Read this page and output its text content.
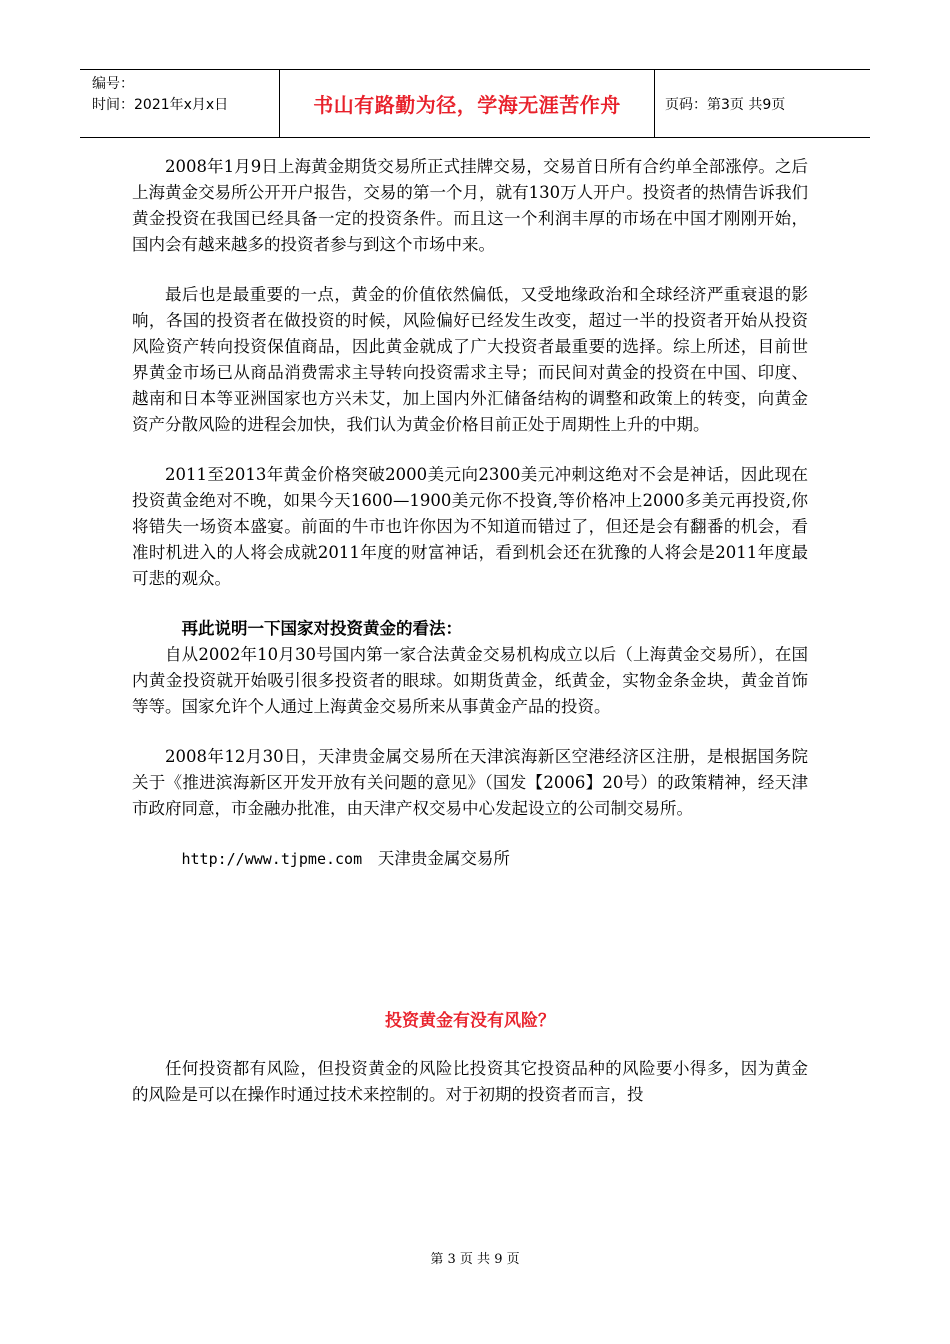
编号：
时间：2021年x月x日	书山有路勤为径，学海无涯苦作舟	页码：第3页 共9页

2008年1月9日上海黄金期货交易所正式挂牌交易，交易首日所有合约单全部涨停。之后上海黄金交易所公开开户报告，交易的第一个月，就有130万人开户。投资者的热情告诉我们黄金投资在我国已经具备一定的投资条件。而且这一个利润丰厚的市场在中国才刚刚开始，国内会有越来越多的投资者参与到这个市场中来。

最后也是最重要的一点，黄金的价值依然偏低，又受地缘政治和全球经济严重衰退的影响，各国的投资者在做投资的时候，风险偏好已经发生改变，超过一半的投资者开始从投资风险资产转向投资保值商品，因此黄金就成了广大投资者最重要的选择。综上所述，目前世界黄金市场已从商品消费需求主导转向投资需求主导；而民间对黄金的投资在中国、印度、越南和日本等亚洲国家也方兴未艾，加上国内外汇储备结构的调整和政策上的转变，向黄金资产分散风险的进程会加快，我们认为黄金价格目前正处于周期性上升的中期。

2011至2013年黄金价格突破2000美元向2300美元冲刺这绝对不会是神话，因此现在投资黄金绝对不晚，如果今天1600—1900美元你不投資,等价格冲上2000多美元再投资,你将错失一场资本盛宴。前面的牛市也许你因为不知道而错过了，但还是会有翻番的机会，看准时机进入的人将会成就2011年度的财富神话，看到机会还在犹豫的人将会是2011年度最可悲的观众。

再此说明一下国家对投资黄金的看法：

自从2002年10月30号国内第一家合法黄金交易机构成立以后（上海黄金交易所），在国内黄金投资就开始吸引很多投资者的眼球。如期货黄金，纸黄金，实物金条金块，黄金首饰等等。国家允许个人通过上海黄金交易所来从事黄金产品的投资。

2008年12月30日，天津贵金属交易所在天津滨海新区空港经济区注册，是根据国务院关于《推进滨海新区开发开放有关问题的意见》（国发【2006】20号）的政策精神，经天津市政府同意，市金融办批准，由天津产权交易中心发起设立的公司制交易所。

http://www.tjpme.com 天津贵金属交易所

投资黄金有没有风险？

任何投资都有风险，但投资黄金的风险比投资其它投资品种的风险要小得多，因为黄金的风险是可以在操作时通过技术来控制的。对于初期的投资者而言，投

第 3 页 共 9 页
